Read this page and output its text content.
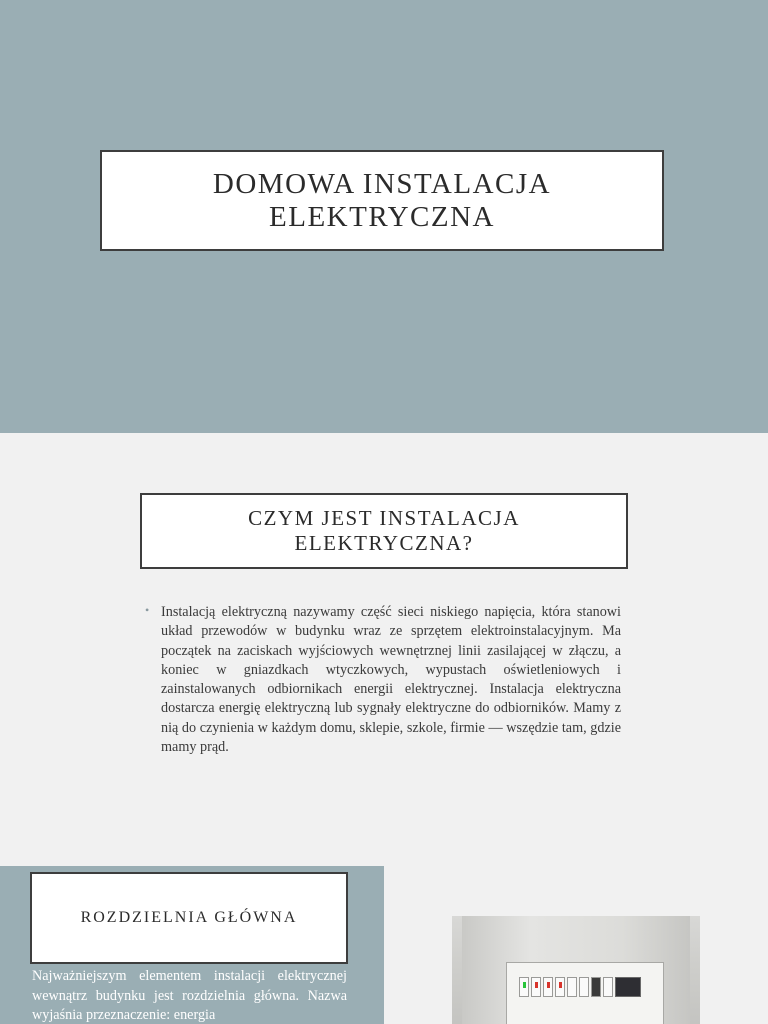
DOMOWA INSTALACJA
ELEKTRYCZNA
CZYM JEST INSTALACJA
ELEKTRYCZNA?
• Instalacją elektryczną nazywamy część sieci niskiego napięcia, która stanowi układ przewodów w budynku wraz ze sprzętem elektroinstalacyjnym. Ma początek na zaciskach wyjściowych wewnętrznej linii zasilającej w złączu, a koniec w gniazdkach wtyczkowych, wypustach oświetleniowych i zainstalowanych odbiornikach energii elektrycznej. Instalacja elektryczna dostarcza energię elektryczną lub sygnały elektryczne do odbiorników. Mamy z nią do czynienia w każdym domu, sklepie, szkole, firmie — wszędzie tam, gdzie mamy prąd.
ROZDZIELNIA GŁÓWNA
Najważniejszym elementem instalacji elektrycznej wewnątrz budynku jest rozdzielnia główna. Nazwa wyjaśnia przeznaczenie: energia
